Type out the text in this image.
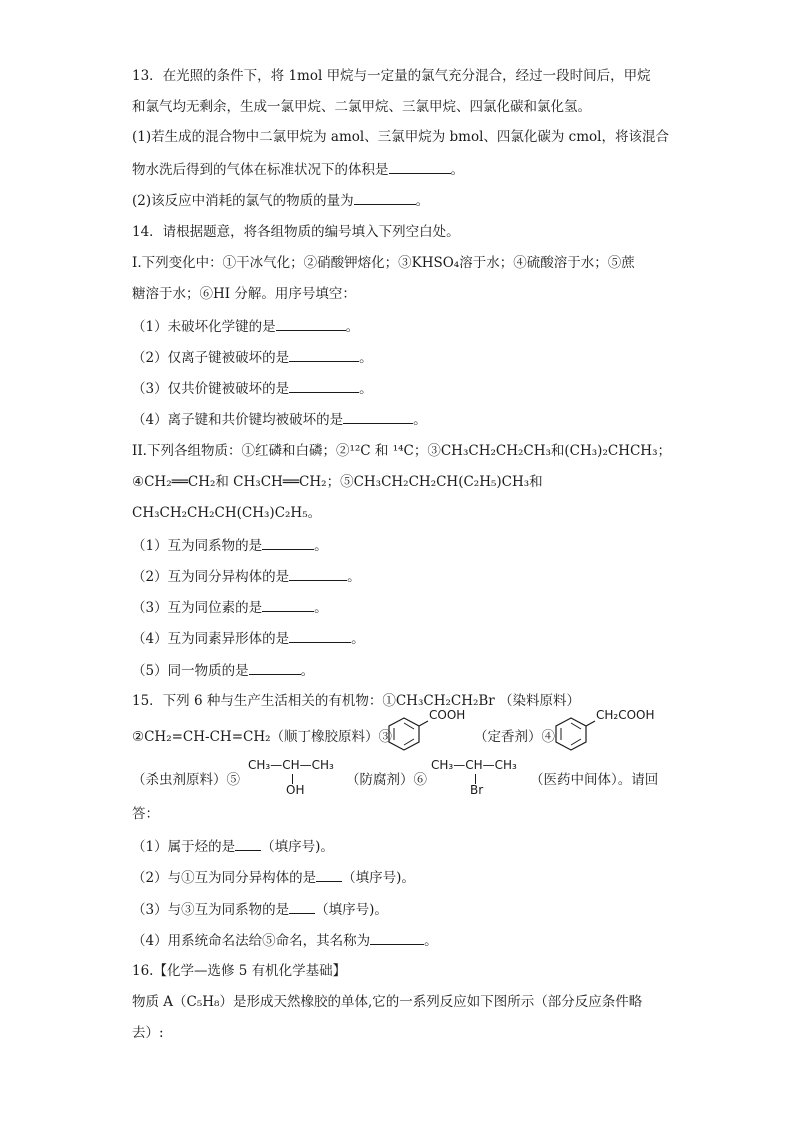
13．在光照的条件下，将 1mol 甲烷与一定量的氯气充分混合，经过一段时间后，甲烷
和氯气均无剩余，生成一氯甲烷、二氯甲烷、三氯甲烷、四氯化碳和氯化氢。
(1)若生成的混合物中二氯甲烷为 amol、三氯甲烷为 bmol、四氯化碳为 cmol，将该混合
物水洗后得到的气体在标准状况下的体积是	。
(2)该反应中消耗的氯气的物质的量为	。
14．请根据题意，将各组物质的编号填入下列空白处。
I.下列变化中：①干冰气化；②硝酸钾熔化；③KHSO₄溶于水；④硫酸溶于水；⑤蔗
糖溶于水；⑥HI 分解。用序号填空：
（1）未破坏化学键的是	。
（2）仅离子键被破坏的是	。
（3）仅共价键被破坏的是	。
（4）离子键和共价键均被破坏的是	。
II.下列各组物质：①红磷和白磷；②¹²C 和 ¹⁴C；③CH₃CH₂CH₂CH₃和(CH₃)₂CHCH₃；
④CH₂══CH₂和 CH₃CH══CH₂；⑤CH₃CH₂CH₂CH(C₂H₅)CH₃和
CH₃CH₂CH₂CH(CH₃)C₂H₅。
（1）互为同系物的是	。
（2）互为同分异构体的是	。
（3）互为同位素的是	。
（4）互为同素异形体的是	。
（5）同一物质的是	。
15．下列 6 种与生产生活相关的有机物：①CH₃CH₂CH₂Br （染料原料）
②CH₂=CH-CH=CH₂（顺丁橡胶原料）③
COOH
（定香剂）④
CH₂COOH
（杀虫剂原料）⑤
CH₃—CH—CH₃
OH
（防腐剂）⑥
CH₃—CH—CH₃
Br
（医药中间体）。请回
答：
（1）属于烃的是 （填序号)。
（2）与①互为同分异构体的是 （填序号)。
（3）与③互为同系物的是 （填序号)。
（4）用系统命名法给⑤命名，其名称为	。
16.【化学—选修 5 有机化学基础】
物质 A（C₅H₈）是形成天然橡胶的单体,它的一系列反应如下图所示（部分反应条件略
去）:
